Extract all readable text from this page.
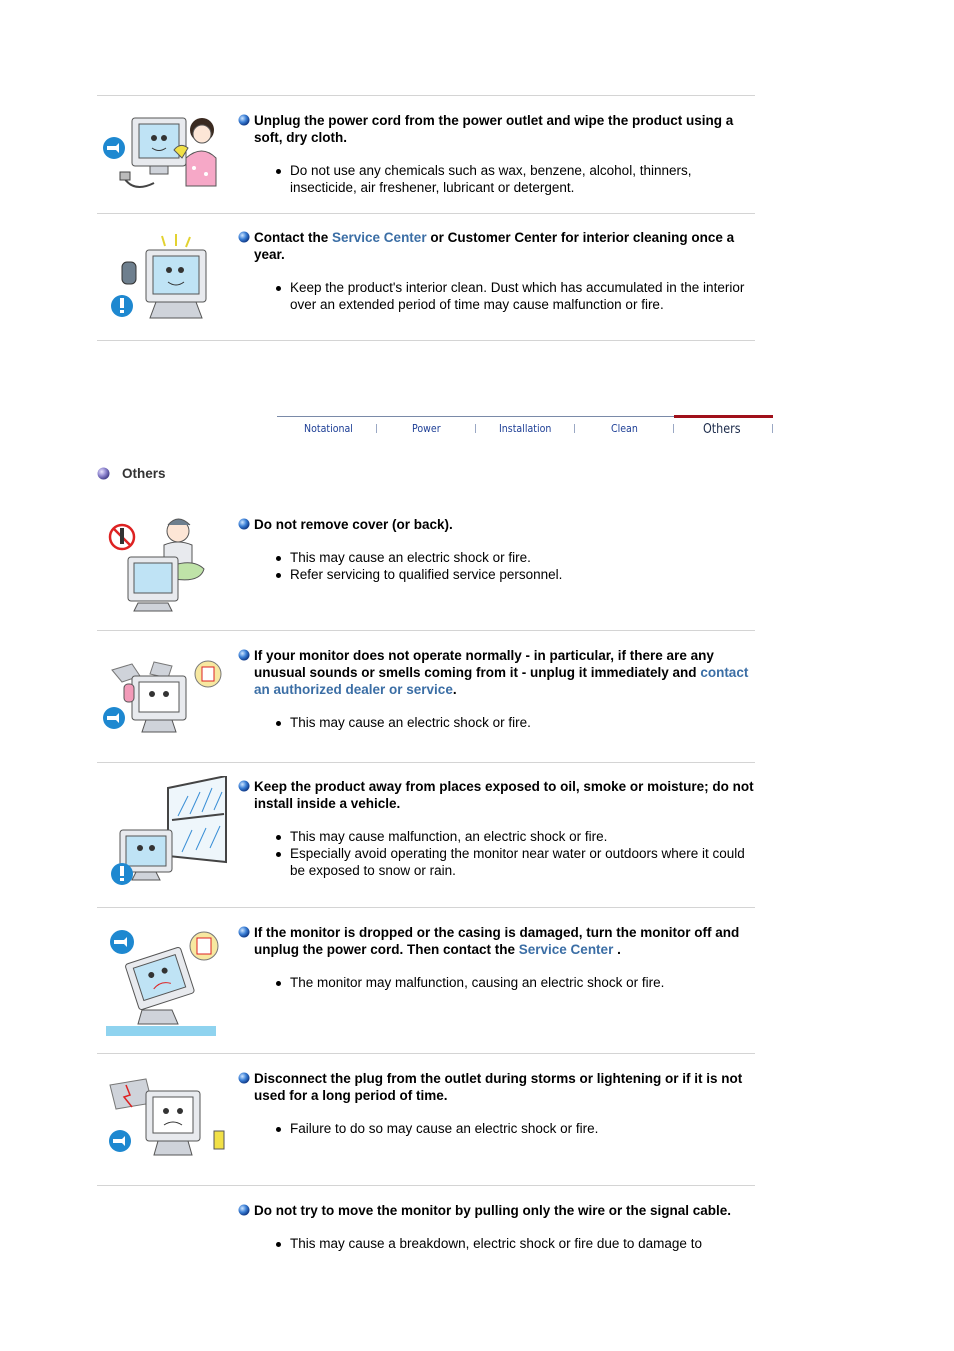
Unplug the power cord from the power outlet and wipe the product using a soft, dry cloth.
Do not use any chemicals such as wax, benzene, alcohol, thinners, insecticide, air freshener, lubricant or detergent.
Contact the Service Center or Customer Center for interior cleaning once a year.
Keep the product's interior clean. Dust which has accumulated in the interior over an extended period of time may cause malfunction or fire.
Notational	Power	Installation	Clean	Others
Others
Do not remove cover (or back).
This may cause an electric shock or fire.
Refer servicing to qualified service personnel.
If your monitor does not operate normally - in particular, if there are any unusual sounds or smells coming from it - unplug it immediately and contact an authorized dealer or service.
This may cause an electric shock or fire.
Keep the product away from places exposed to oil, smoke or moisture; do not install inside a vehicle.
This may cause malfunction, an electric shock or fire.
Especially avoid operating the monitor near water or outdoors where it could be exposed to snow or rain.
If the monitor is dropped or the casing is damaged, turn the monitor off and unplug the power cord. Then contact the Service Center .
The monitor may malfunction, causing an electric shock or fire.
Disconnect the plug from the outlet during storms or lightening or if it is not used for a long period of time.
Failure to do so may cause an electric shock or fire.
Do not try to move the monitor by pulling only the wire or the signal cable.
This may cause a breakdown, electric shock or fire due to damage to
